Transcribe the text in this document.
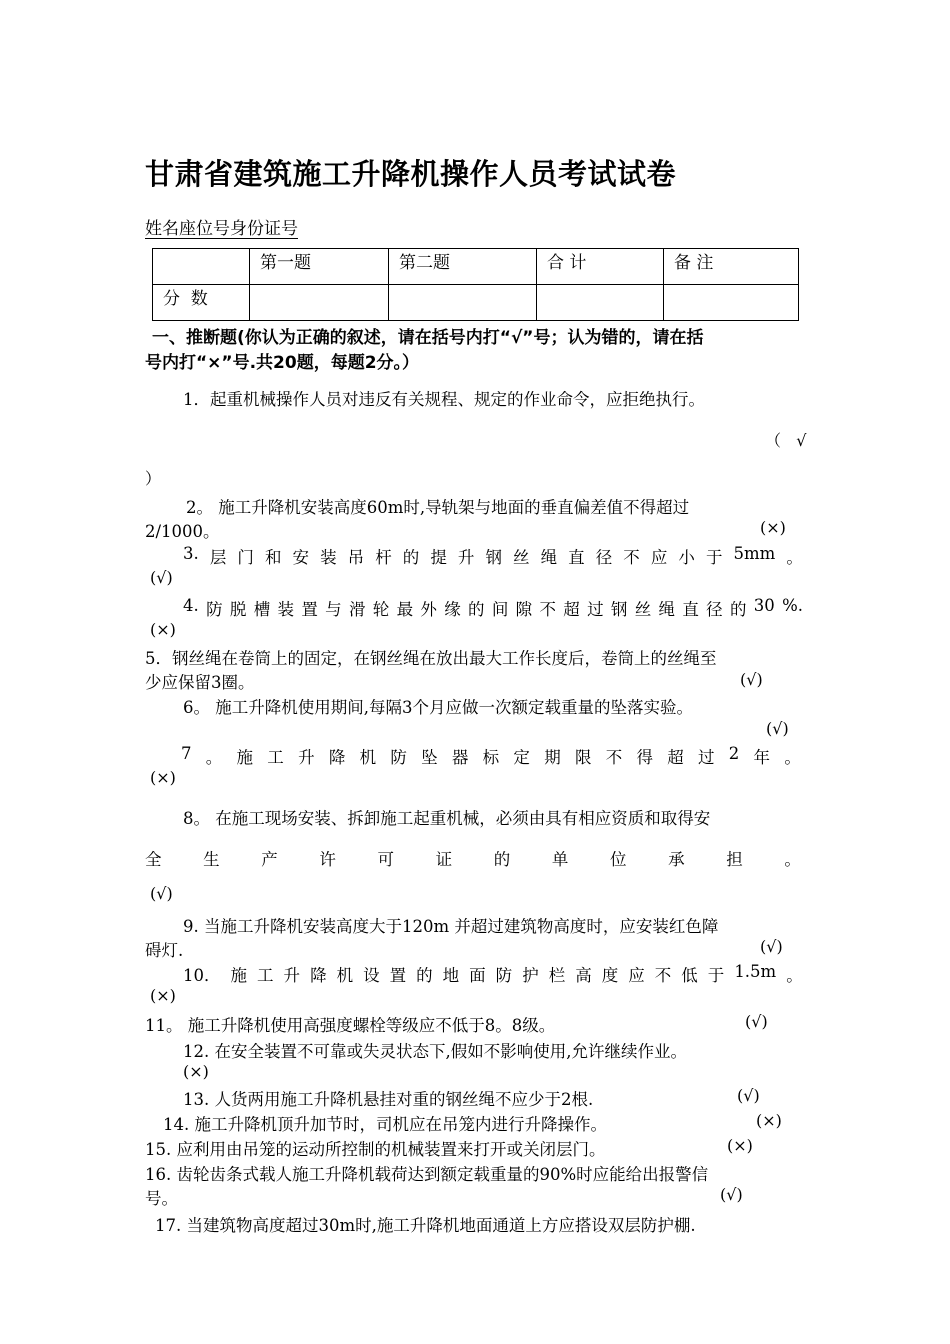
甘肃省建筑施工升降机操作人员考试试卷
姓名座位号身份证号
	第一题	第二题	合 计	备 注
分  数				
一、推断题(你认为正确的叙述，请在括号内打“√”号；认为错的，请在括
号内打“×”号.共20题，每题2分。）
1．起重机械操作人员对违反有关规程、规定的作业命令，应拒绝执行。
（   √
）
2。 施工升降机安装高度60m时,导轨架与地面的垂直偏差值不得超过
2/1000。	(×)
3. 层 门 和 安 装 吊 杆 的 提 升 钢 丝 绳 直 径 不 应 小 于 5mm 。
(√)
4. 防 脱 槽 装 置 与 滑 轮 最 外 缘 的 间 隙 不 超 过 钢 丝 绳 直 径 的 30 %.
(×)
5．钢丝绳在卷筒上的固定，在钢丝绳在放出最大工作长度后，卷筒上的丝绳至
少应保留3圈。	(√)
6。 施工升降机使用期间,每隔3个月应做一次额定载重量的坠落实验。
(√)
7 。 施 工 升 降 机 防 坠 器 标 定 期 限 不 得 超 过 2 年 。
(×)
8。 在施工现场安装、拆卸施工起重机械，必须由具有相应资质和取得安
全	生	产	许	可	证	的	单	位	承	担	。
(√)
9. 当施工升降机安装高度大于120m 并超过建筑物高度时，应安装红色障
碍灯.	(√)
10． 施 工 升 降 机 设 置 的 地 面 防 护 栏 高 度 应 不 低 于 1.5m 。
(×)
11。 施工升降机使用高强度螺栓等级应不低于8。8级。	(√)
12. 在安全装置不可靠或失灵状态下,假如不影响使用,允许继续作业。
(×)
13. 人货两用施工升降机悬挂对重的钢丝绳不应少于2根.	(√)
14. 施工升降机顶升加节时，司机应在吊笼内进行升降操作。	(×)
15. 应利用由吊笼的运动所控制的机械装置来打开或关闭层门。	(×)
16. 齿轮齿条式载人施工升降机载荷达到额定载重量的90%时应能给出报警信
号。	(√)
17. 当建筑物高度超过30m时,施工升降机地面通道上方应搭设双层防护棚.
